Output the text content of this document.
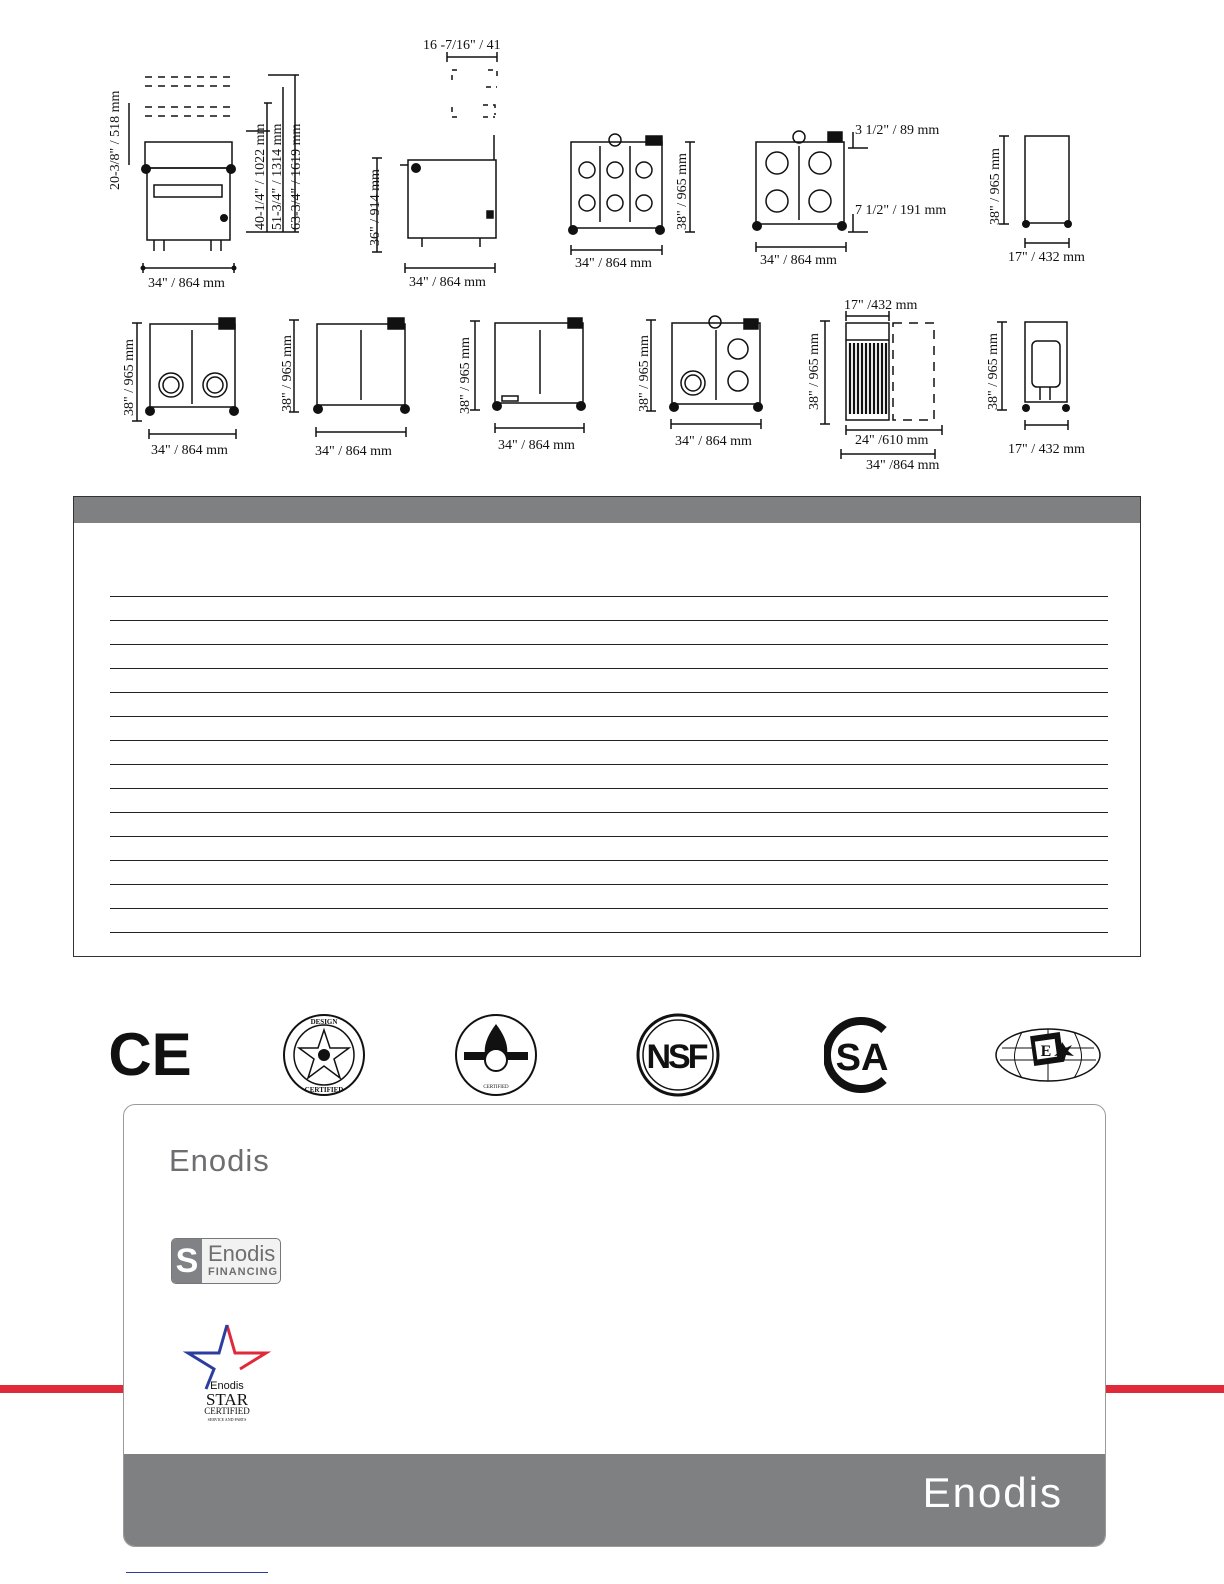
34" / 864 mm
20-3/8" / 518 mm	40-1/4" / 1022 mm 51-3/4" / 1314 mm 63-3/4" / 1619 mm
16 -7/16" / 41
36" / 914 mm
34" / 864 mm
38" / 965 mm
34" / 864 mm
3 1/2" / 89 mm
7 1/2" / 191 mm
34" / 864 mm
38" / 965 mm
17" / 432 mm
38" / 965 mm
34" / 864 mm
38" / 965 mm
34" / 864 mm
38" / 965 mm
34" / 864 mm
38" / 965 mm
34" / 864 mm
17" /432 mm
38" / 965 mm
24" /610 mm
34" /864 mm
38" / 965 mm
17" / 432 mm
CE	DESIGN
CERTIFIED	CERTIFIED
NSF	SA	E
Enodis
S Enodis
FINANCING
Enodis
STAR
CERTIFIED
SERVICE AND PARTS
Enodis
